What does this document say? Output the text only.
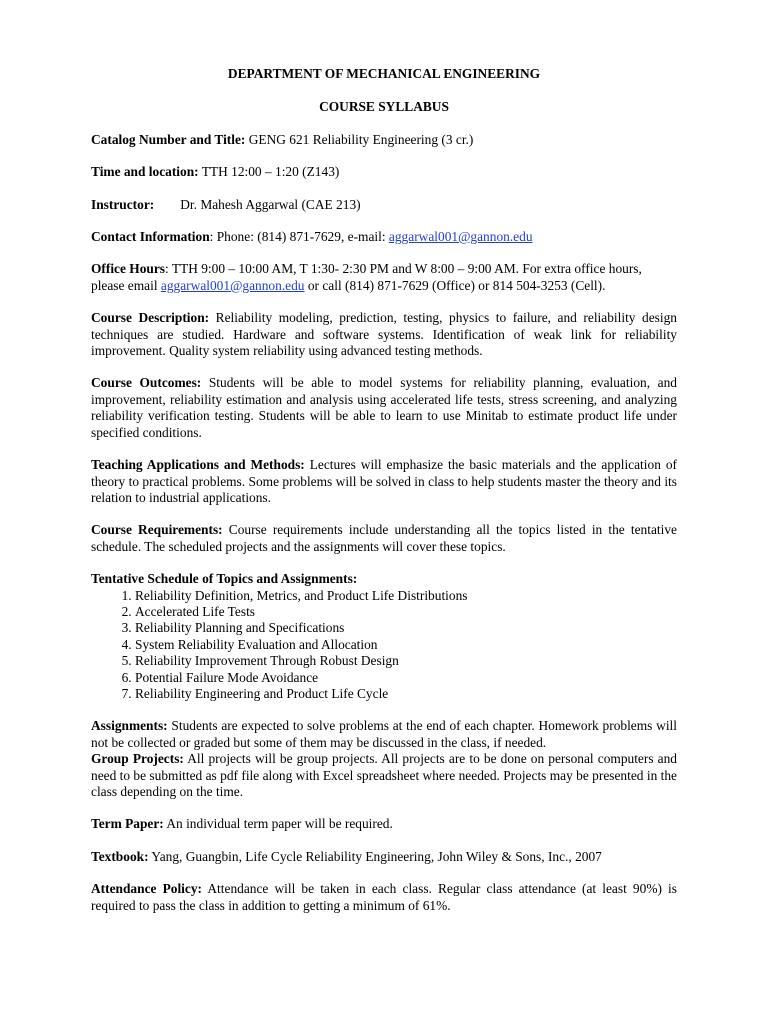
DEPARTMENT OF MECHANICAL ENGINEERING

COURSE SYLLABUS

Catalog Number and Title: GENG 621 Reliability Engineering (3 cr.)

Time and location: TTH 12:00 – 1:20 (Z143)

Instructor: Dr. Mahesh Aggarwal (CAE 213)

Contact Information: Phone: (814) 871-7629, e-mail: aggarwal001@gannon.edu

Office Hours: TTH 9:00 – 10:00 AM, T 1:30- 2:30 PM and W 8:00 – 9:00 AM. For extra office hours, please email aggarwal001@gannon.edu or call (814) 871-7629 (Office) or 814 504-3253 (Cell).

Course Description: Reliability modeling, prediction, testing, physics to failure, and reliability design techniques are studied. Hardware and software systems. Identification of weak link for reliability improvement. Quality system reliability using advanced testing methods.

Course Outcomes: Students will be able to model systems for reliability planning, evaluation, and improvement, reliability estimation and analysis using accelerated life tests, stress screening, and analyzing reliability verification testing. Students will be able to learn to use Minitab to estimate product life under specified conditions.

Teaching Applications and Methods: Lectures will emphasize the basic materials and the application of theory to practical problems. Some problems will be solved in class to help students master the theory and its relation to industrial applications.

Course Requirements: Course requirements include understanding all the topics listed in the tentative schedule. The scheduled projects and the assignments will cover these topics.

Tentative Schedule of Topics and Assignments:

1. Reliability Definition, Metrics, and Product Life Distributions
2. Accelerated Life Tests
3. Reliability Planning and Specifications
4. System Reliability Evaluation and Allocation
5. Reliability Improvement Through Robust Design
6. Potential Failure Mode Avoidance
7. Reliability Engineering and Product Life Cycle

Assignments: Students are expected to solve problems at the end of each chapter. Homework problems will not be collected or graded but some of them may be discussed in the class, if needed.

Group Projects: All projects will be group projects. All projects are to be done on personal computers and need to be submitted as pdf file along with Excel spreadsheet where needed. Projects may be presented in the class depending on the time.

Term Paper: An individual term paper will be required.

Textbook: Yang, Guangbin, Life Cycle Reliability Engineering, John Wiley & Sons, Inc., 2007

Attendance Policy: Attendance will be taken in each class. Regular class attendance (at least 90%) is required to pass the class in addition to getting a minimum of 61%.
